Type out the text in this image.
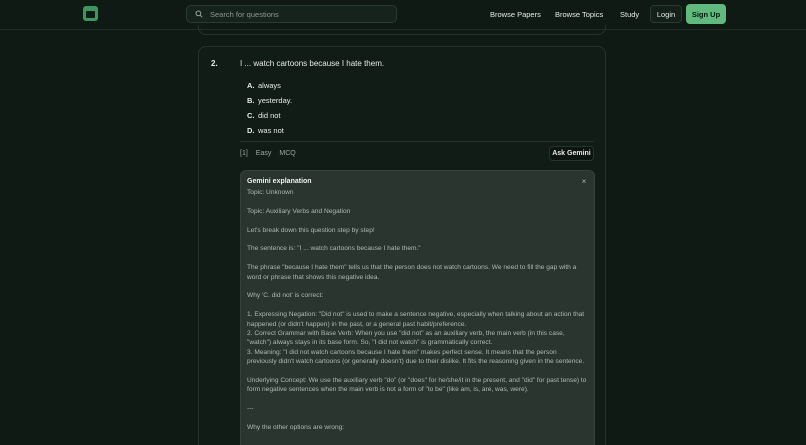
Search for questions
Browse Papers Browse Topics Study	Login	Sign Up
2.	I ... watch cartoons because I hate them.
A. always
B. yesterday.
C. did not
D. was not
[1] Easy MCQ	Ask Gemini
Gemini explanation	×

Topic: Unknown

Topic: Auxiliary Verbs and Negation

Let's break down this question step by step!

The sentence is: "I ... watch cartoons because I hate them."

The phrase "because I hate them" tells us that the person does not watch cartoons. We need to fill the gap with a word or phrase that shows this negative idea.

Why 'C. did not' is correct:

1. Expressing Negation: "Did not" is used to make a sentence negative, especially when talking about an action that happened (or didn't happen) in the past, or a general past habit/preference.
2. Correct Grammar with Base Verb: When you use "did not" as an auxiliary verb, the main verb (in this case, "watch") always stays in its base form. So, "I did not watch" is grammatically correct.
3. Meaning: "I did not watch cartoons because I hate them" makes perfect sense. It means that the person previously didn't watch cartoons (or generally doesn't) due to their dislike. It fits the reasoning given in the sentence.

Underlying Concept: We use the auxiliary verb "do" (or "does" for he/she/it in the present, and "did" for past tense) to form negative sentences when the main verb is not a form of "to be" (like am, is, are, was, were).

---

Why the other options are wrong:
